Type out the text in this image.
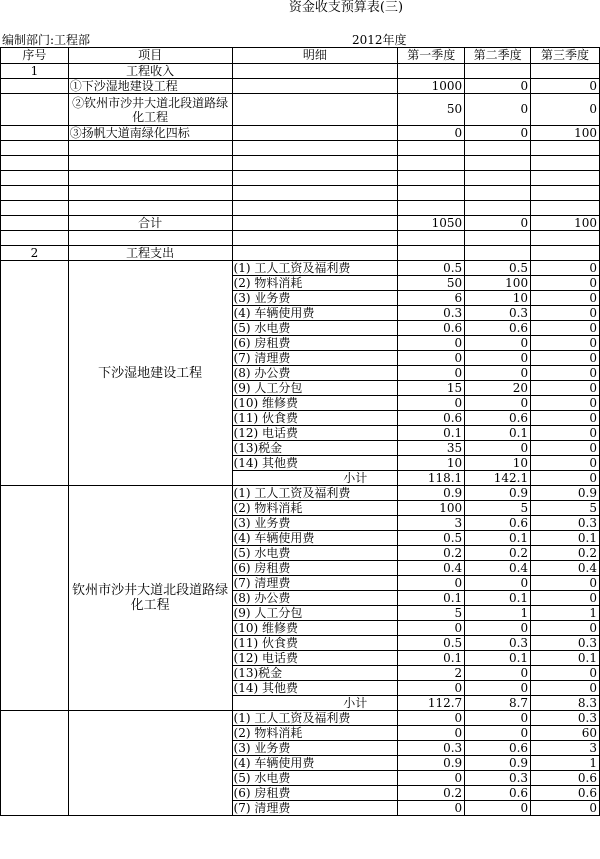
资金收支预算表(三)
编制部门:工程部	2012年度
序号	项目	明细	第一季度	第二季度	第三季度
1	工程收入				
	①下沙湿地建设工程		1000	0	0
	②钦州市沙井大道北段道路绿化工程		50	0	0
	③扬帆大道南绿化四标		0	0	100

	合计		1050	0	100

2	工程支出				
	下沙湿地建设工程	(1) 工人工资及福利费	0.5	0.5	0
		(2) 物料消耗	50	100	0
		(3) 业务费	6	10	0
		(4) 车辆使用费	0.3	0.3	0
		(5) 水电费	0.6	0.6	0
		(6) 房租费	0	0	0
		(7) 清理费	0	0	0
		(8) 办公费	0	0	0
		(9) 人工分包	15	20	0
		(10) 维修费	0	0	0
		(11) 伙食费	0.6	0.6	0
		(12) 电话费	0.1	0.1	0
		(13)税金	35	0	0
		(14) 其他费	10	10	0
		小计	118.1	142.1	0
	钦州市沙井大道北段道路绿化工程	(1) 工人工资及福利费	0.9	0.9	0.9
		(2) 物料消耗	100	5	5
		(3) 业务费	3	0.6	0.3
		(4) 车辆使用费	0.5	0.1	0.1
		(5) 水电费	0.2	0.2	0.2
		(6) 房租费	0.4	0.4	0.4
		(7) 清理费	0	0	0
		(8) 办公费	0.1	0.1	0
		(9) 人工分包	5	1	1
		(10) 维修费	0	0	0
		(11) 伙食费	0.5	0.3	0.3
		(12) 电话费	0.1	0.1	0.1
		(13)税金	2	0	0
		(14) 其他费	0	0	0
		小计	112.7	8.7	8.3
		(1) 工人工资及福利费	0	0	0.3
		(2) 物料消耗	0	0	60
		(3) 业务费	0.3	0.6	3
		(4) 车辆使用费	0.9	0.9	1
		(5) 水电费	0	0.3	0.6
		(6) 房租费	0.2	0.6	0.6
		(7) 清理费	0	0	0
